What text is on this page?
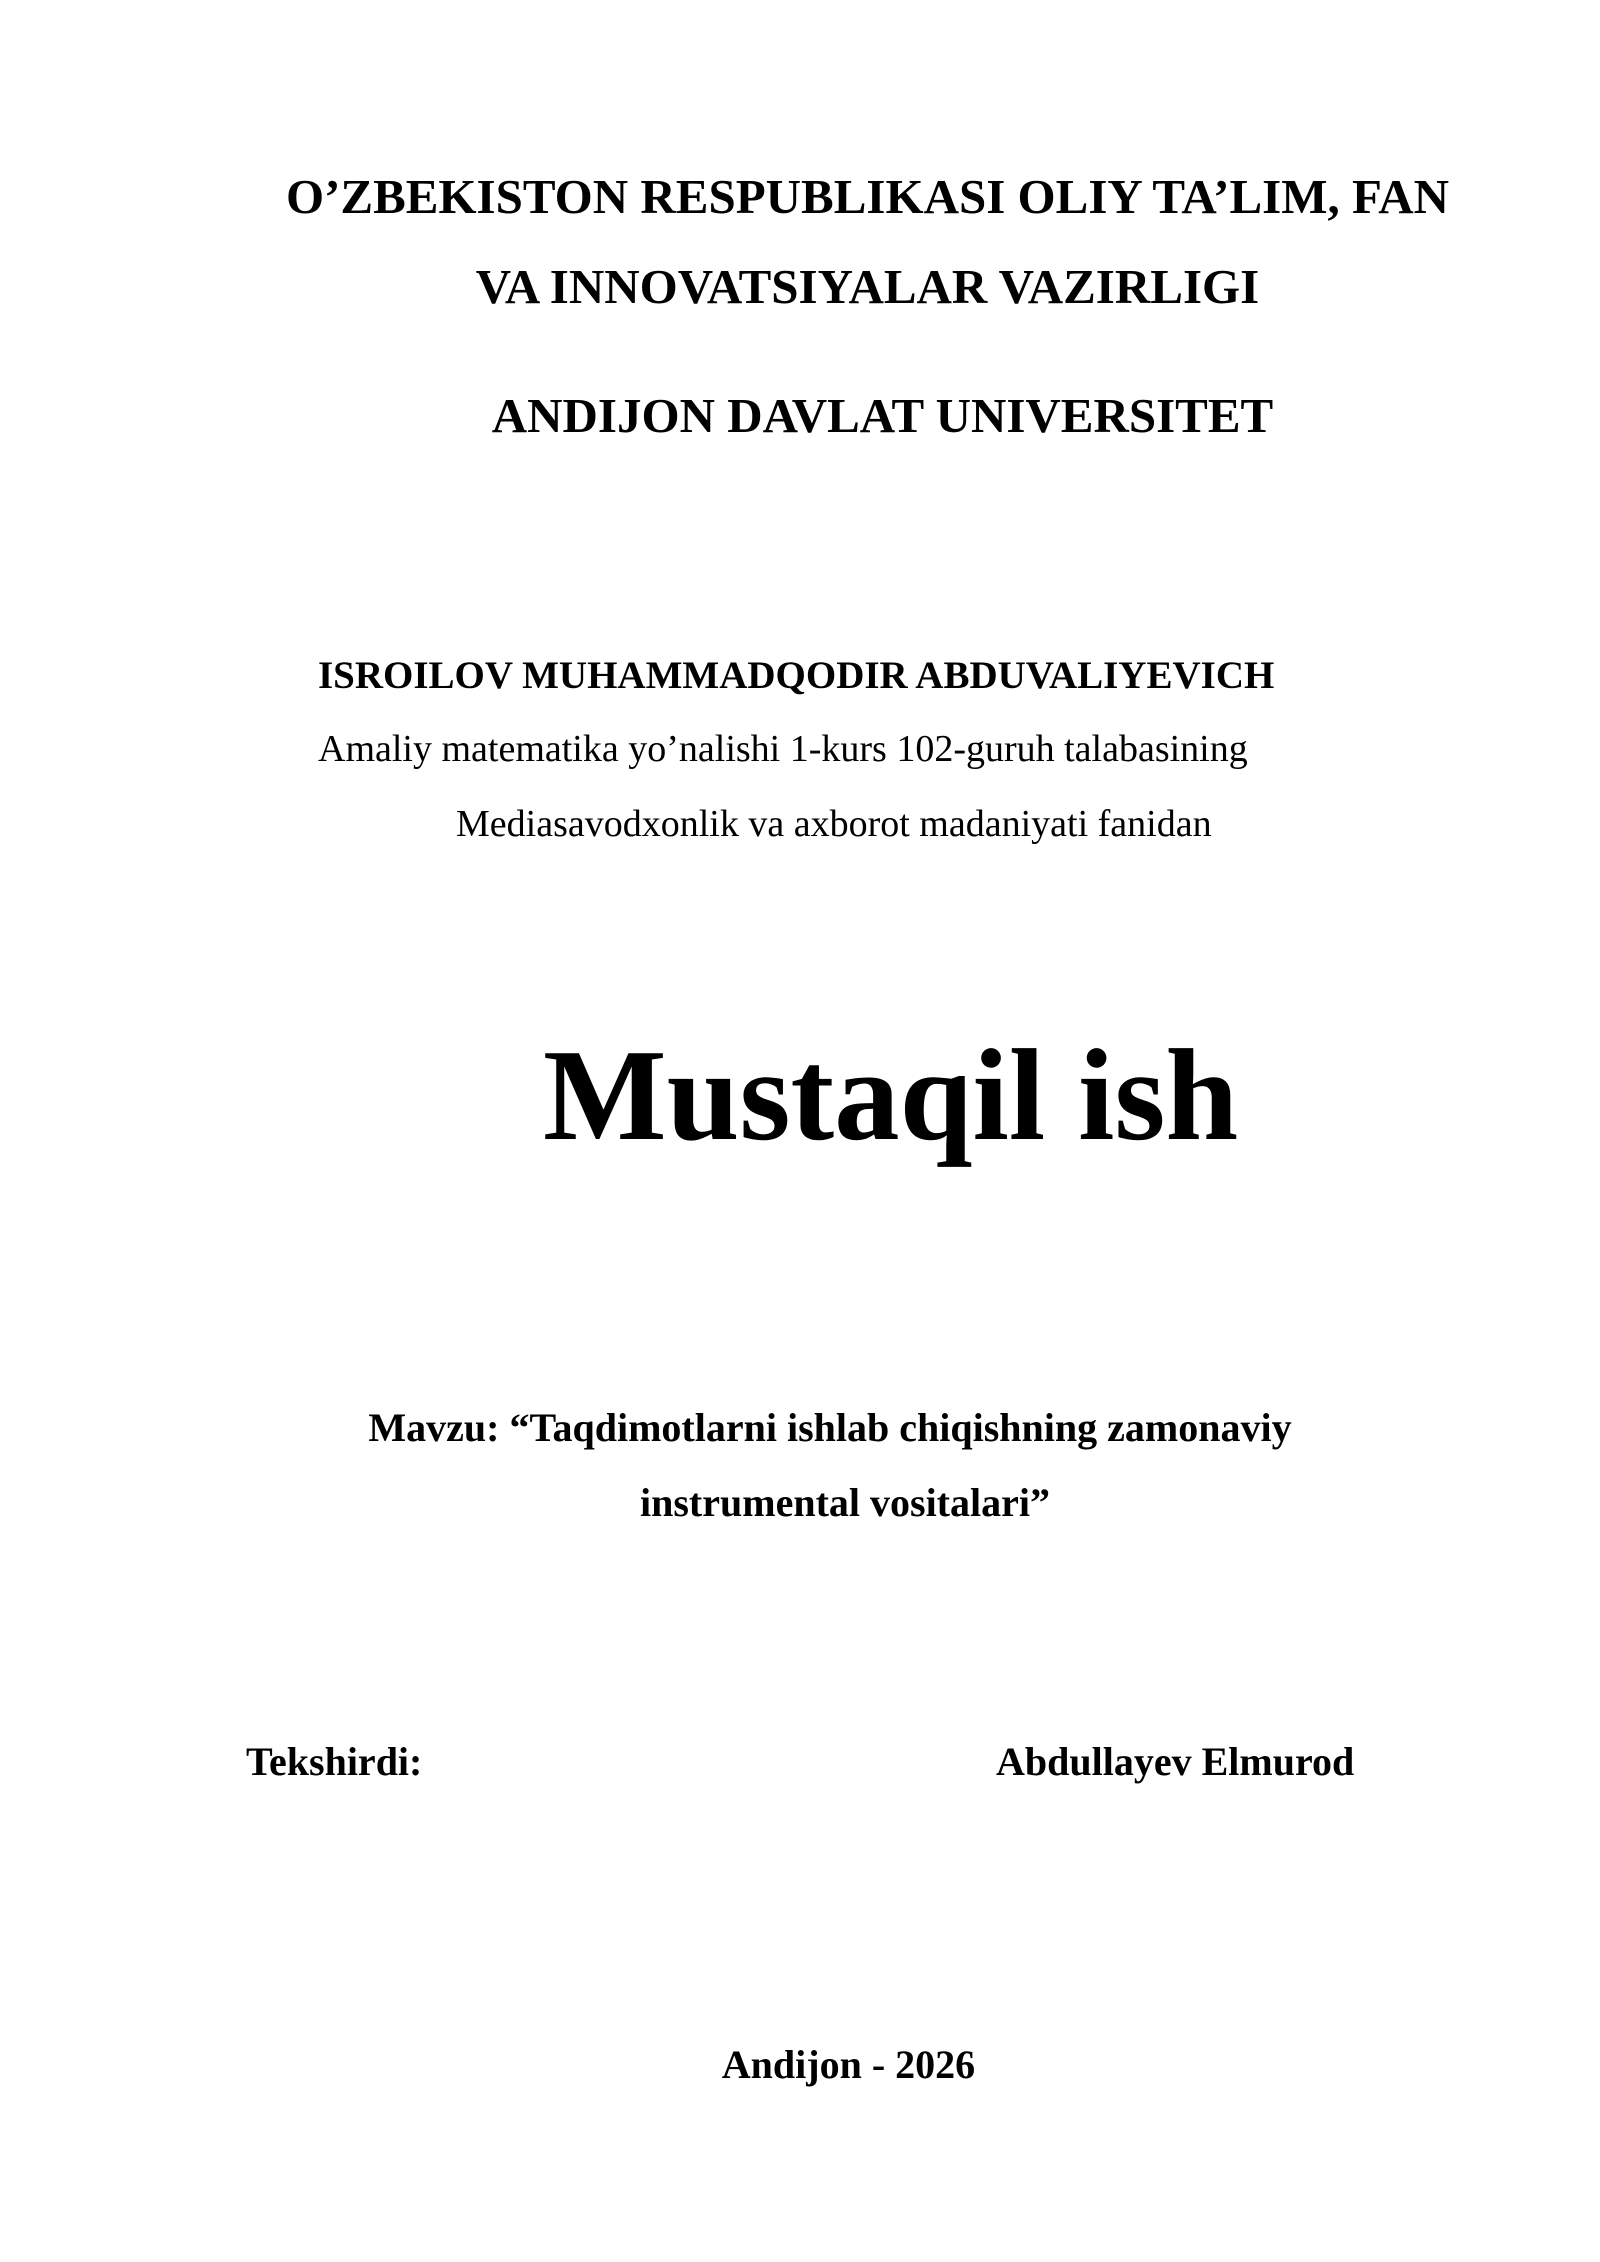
O’ZBEKISTON RESPUBLIKASI OLIY TA’LIM, FAN
VA INNOVATSIYALAR VAZIRLIGI
ANDIJON DAVLAT UNIVERSITET
ISROILOV MUHAMMADQODIR ABDUVALIYEVICH
Amaliy matematika yo’nalishi 1-kurs 102-guruh talabasining
Mediasavodxonlik va axborot madaniyati fanidan
Mustaqil ish
Mavzu: “Taqdimotlarni ishlab chiqishning zamonaviy
instrumental vositalari”
Tekshirdi:	Abdullayev Elmurod
Andijon - 2026
